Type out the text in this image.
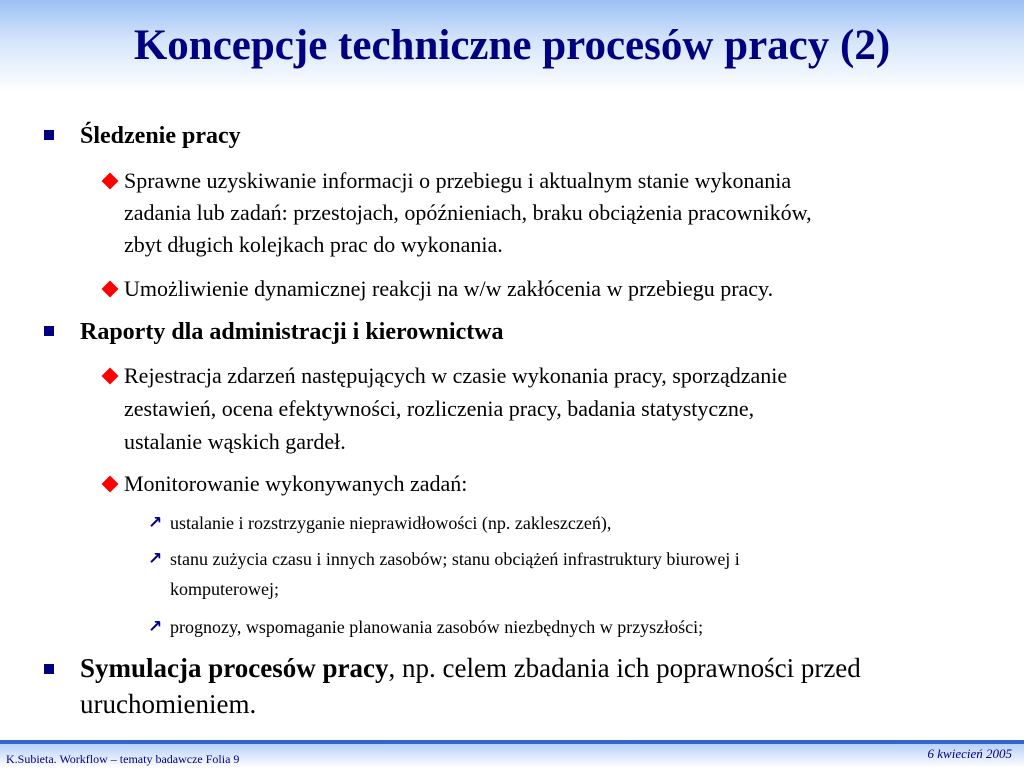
Koncepcje techniczne procesów pracy (2)
Śledzenie pracy
Sprawne uzyskiwanie informacji o przebiegu i aktualnym stanie wykonania
zadania lub zadań: przestojach, opóźnieniach, braku obciążenia pracowników,
zbyt długich kolejkach prac do wykonania.
Umożliwienie dynamicznej reakcji na w/w zakłócenia w przebiegu pracy.
Raporty dla administracji i kierownictwa
Rejestracja zdarzeń następujących w czasie wykonania pracy, sporządzanie
zestawień, ocena efektywności, rozliczenia pracy, badania statystyczne,
ustalanie wąskich gardeł.
Monitorowanie wykonywanych zadań:
↗ ustalanie i rozstrzyganie nieprawidłowości (np. zakleszczeń),
↗ stanu zużycia czasu i innych zasobów; stanu obciążeń infrastruktury biurowej i
komputerowej;
↗ prognozy, wspomaganie planowania zasobów niezbędnych w przyszłości;
Symulacja procesów pracy, np. celem zbadania ich poprawności przed
uruchomieniem.
K.Subieta. Workflow – tematy badawcze Folia 9	6 kwiecień 2005
